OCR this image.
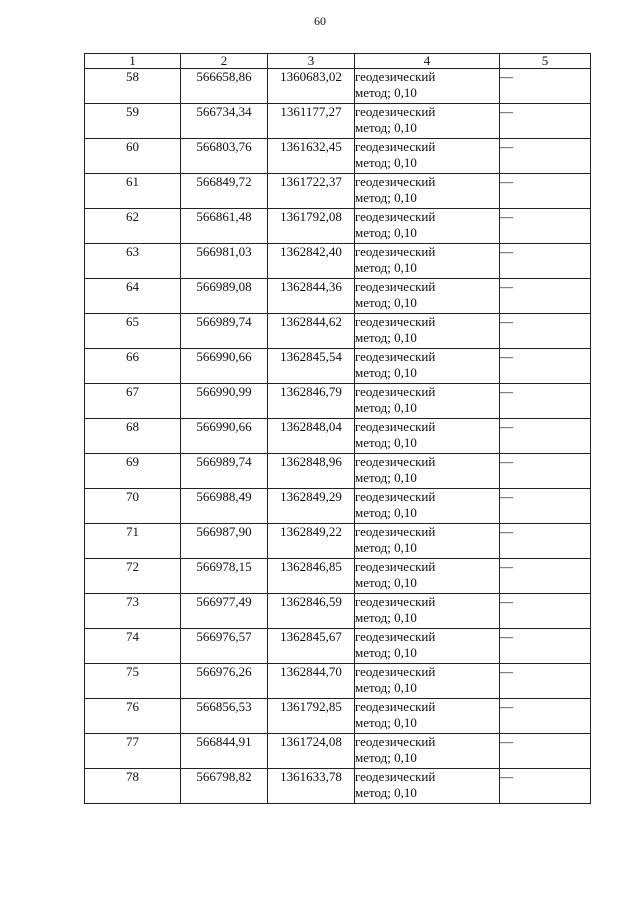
60
1	2	3	4	5
58	566658,86	1360683,02	геодезический
метод; 0,10	—
59	566734,34	1361177,27	геодезический
метод; 0,10	—
60	566803,76	1361632,45	геодезический
метод; 0,10	—
61	566849,72	1361722,37	геодезический
метод; 0,10	—
62	566861,48	1361792,08	геодезический
метод; 0,10	—
63	566981,03	1362842,40	геодезический
метод; 0,10	—
64	566989,08	1362844,36	геодезический
метод; 0,10	—
65	566989,74	1362844,62	геодезический
метод; 0,10	—
66	566990,66	1362845,54	геодезический
метод; 0,10	—
67	566990,99	1362846,79	геодезический
метод; 0,10	—
68	566990,66	1362848,04	геодезический
метод; 0,10	—
69	566989,74	1362848,96	геодезический
метод; 0,10	—
70	566988,49	1362849,29	геодезический
метод; 0,10	—
71	566987,90	1362849,22	геодезический
метод; 0,10	—
72	566978,15	1362846,85	геодезический
метод; 0,10	—
73	566977,49	1362846,59	геодезический
метод; 0,10	—
74	566976,57	1362845,67	геодезический
метод; 0,10	—
75	566976,26	1362844,70	геодезический
метод; 0,10	—
76	566856,53	1361792,85	геодезический
метод; 0,10	—
77	566844,91	1361724,08	геодезический
метод; 0,10	—
78	566798,82	1361633,78	геодезический
метод; 0,10	—
